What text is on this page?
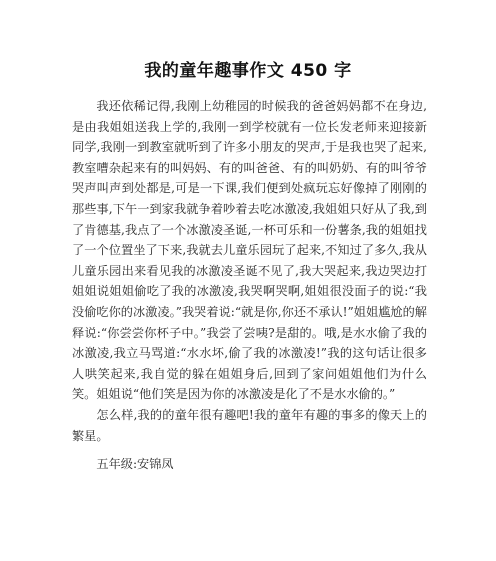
我的童年趣事作文 450 字

我还依稀记得,我刚上幼稚园的时候我的爸爸妈妈都不在身边,是由我姐姐送我上学的,我刚一到学校就有一位长发老师来迎接新同学,我刚一到教室就听到了许多小朋友的哭声,于是我也哭了起来,教室嘈杂起来有的叫妈妈、有的叫爸爸、有的叫奶奶、有的叫爷爷哭声叫声到处都是,可是一下课,我们便到处疯玩忘好像掉了刚刚的那些事,下午一到家我就争着吵着去吃冰激凌,我姐姐只好从了我,到了肯德基,我点了一个冰激凌圣诞,一杯可乐和一份薯条,我的姐姐找了一个位置坐了下来,我就去儿童乐园玩了起来,不知过了多久,我从儿童乐园出来看见我的冰激凌圣诞不见了,我大哭起来,我边哭边打姐姐说姐姐偷吃了我的冰激凌,我哭啊哭啊,姐姐很没面子的说:“我没偷吃你的冰激凌。”我哭着说:“就是你,你还不承认!”姐姐尴尬的解释说:“你尝尝你杯子中。”我尝了尝咦?是甜的。哦,是水水偷了我的冰激凌,我立马骂道:“水水坏,偷了我的冰激凌!”我的这句话让很多人哄笑起来,我自觉的躲在姐姐身后,回到了家问姐姐他们为什么笑。姐姐说“他们笑是因为你的冰激凌是化了不是水水偷的。”

怎么样,我的的童年很有趣吧!我的童年有趣的事多的像天上的繁星。

五年级:安锦凤
